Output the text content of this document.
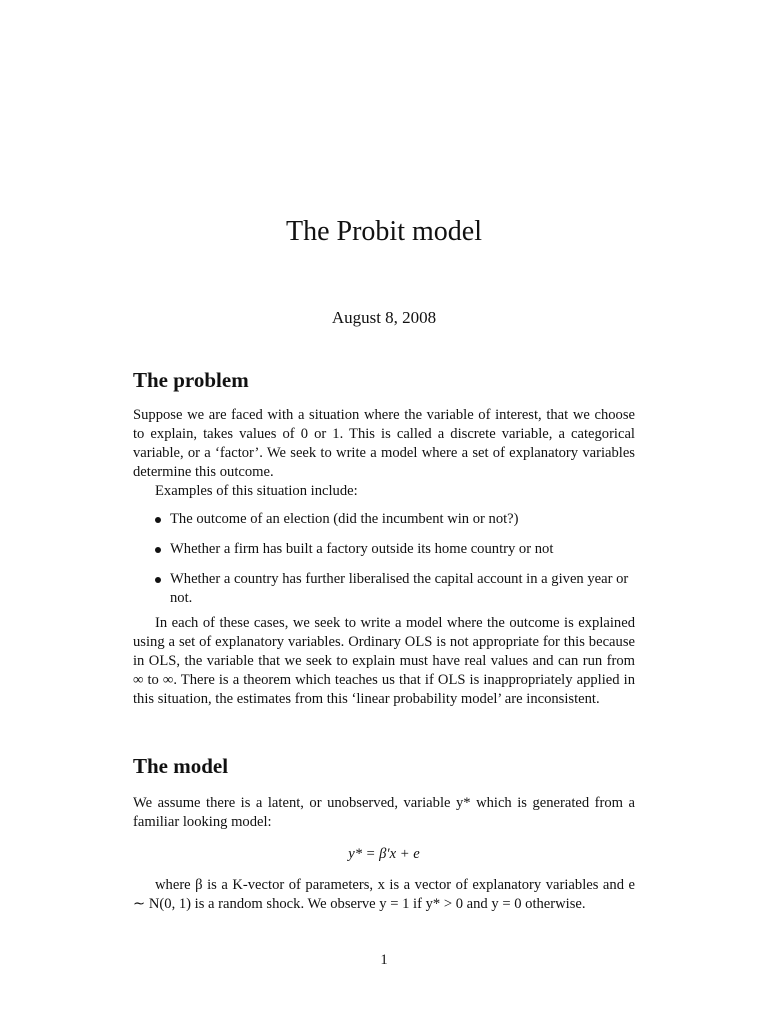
The Probit model
August 8, 2008
The problem

Suppose we are faced with a situation where the variable of interest, that we choose to explain, takes values of 0 or 1. This is called a discrete variable, a categorical variable, or a ‘factor’. We seek to write a model where a set of explanatory variables determine this outcome.

Examples of this situation include:

The outcome of an election (did the incumbent win or not?)
Whether a firm has built a factory outside its home country or not
Whether a country has further liberalised the capital account in a given year or not.

In each of these cases, we seek to write a model where the outcome is explained using a set of explanatory variables. Ordinary OLS is not appropriate for this because in OLS, the variable that we seek to explain must have real values and can run from ∞ to ∞. There is a theorem which teaches us that if OLS is inappropriately applied in this situation, the estimates from this ‘linear probability model’ are inconsistent.

The model

We assume there is a latent, or unobserved, variable y* which is generated from a familiar looking model:

y* = β′x + e

where β is a K-vector of parameters, x is a vector of explanatory variables and e ∼ N(0, 1) is a random shock. We observe y = 1 if y* > 0 and y = 0 otherwise.

1
